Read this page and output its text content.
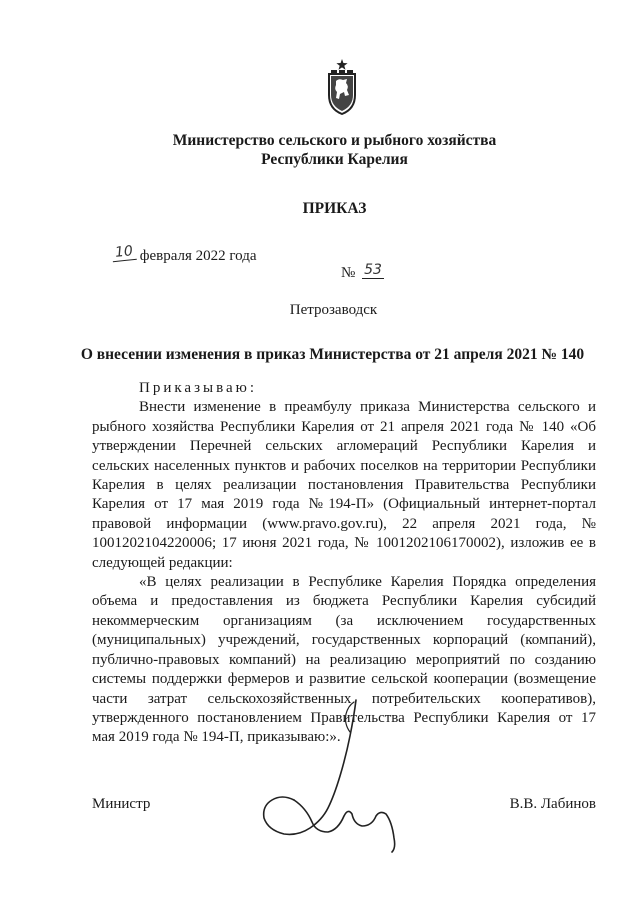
Министерство сельского и рыбного хозяйства
Республики Карелия
ПРИКАЗ
10 февраля 2022 года
№ 53
Петрозаводск
О внесении изменения в приказ Министерства от 21 апреля 2021 № 140

Приказываю:

Внести изменение в преамбулу приказа Министерства сельского и

рыбного хозяйства Республики Карелия от 21 апреля 2021 года № 140 «Об

утверждении Перечней сельских агломераций Республики Карелия и

сельских населенных пунктов и рабочих поселков на территории Республики

Карелия в целях реализации постановления Правительства Республики

Карелия от 17 мая 2019 года №194-П» (Официальный интернет-портал

правовой информации (www.pravo.gov.ru), 22 апреля 2021 года, №

1001202104220006; 17 июня 2021 года, № 1001202106170002), изложив ее в

следующей редакции:

«В целях реализации в Республике Карелия Порядка определения

объема и предоставления из бюджета Республики Карелия субсидий

некоммерческим организациям (за исключением государственных

(муниципальных) учреждений, государственных корпораций (компаний),

публично-правовых компаний) на реализацию мероприятий по созданию

системы поддержки фермеров и развитие сельской кооперации (возмещение

части затрат сельскохозяйственных потребительских кооперативов),

утвержденного постановлением Правительства Республики Карелия от 17

мая 2019 года № 194-П, приказываю:».

Министр	В.В. Лабинов
